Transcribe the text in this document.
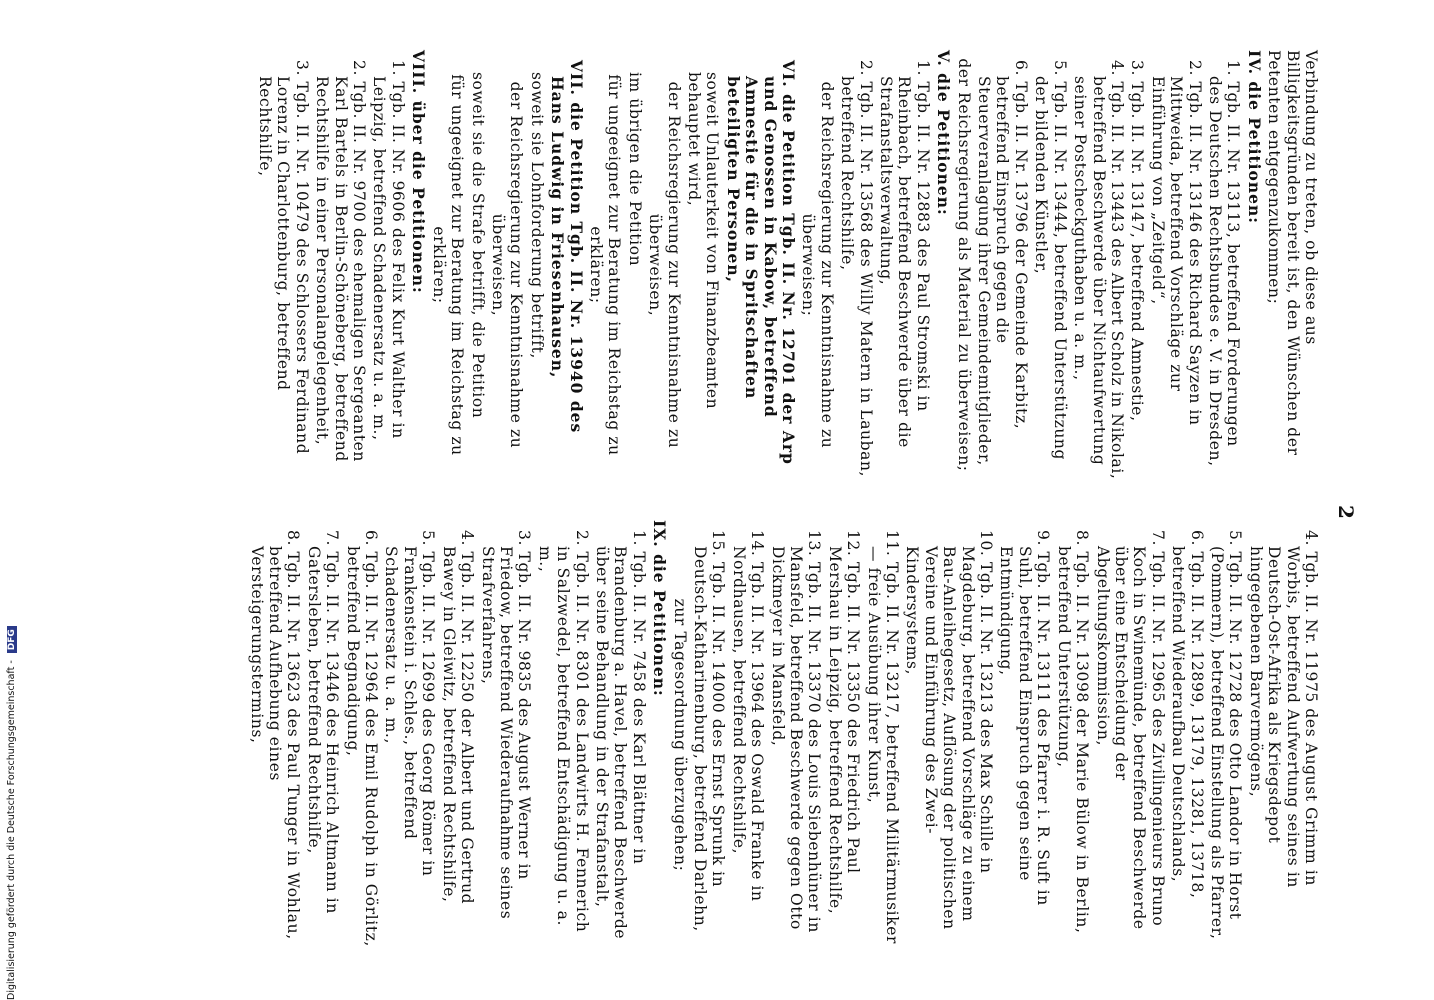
2
Verbindung zu treten, ob diese aus Billigkeitsgründen bereit ist, den Wünschen der Petenten entgegenzukommen;
IV. die Petitionen:
1. Tgb. II. Nr. 13113, betreffend Forderungen des Deutschen Rechtsbundes e. V. in Dresden,
2. Tgb. II. Nr. 13146 des Richard Sayzen in Mittweida, betreffend Vorschläge zur Einführung von „Zeitgeld“,
3. Tgb. II. Nr. 13147, betreffend Amnestie,
4. Tgb. II. Nr. 13443 des Albert Scholz in Nikolai, betreffend Beschwerde über Nichtaufwertung seiner Postscheckguthaben u. a. m.,
5. Tgb. II. Nr. 13444, betreffend Unterstützung der bildenden Künstler,
6. Tgb. II. Nr. 13796 der Gemeinde Karbitz, betreffend Einspruch gegen die Steuerveranlagung ihrer Gemeindemitglieder,
der Reichsregierung als Material zu überweisen;
V. die Petitionen:
1. Tgb. II. Nr. 12883 des Paul Stromski in Rheinbach, betreffend Beschwerde über die Strafanstaltsverwaltung,
2. Tgb. II. Nr. 13568 des Willy Matern in Lauban, betreffend Rechtshilfe,
der Reichsregierung zur Kenntnisnahme zu überweisen;
VI. die Petition Tgb. II. Nr. 12701 der Arp und Genossen in Kabow, betreffend Amnestie für die in Spritschaften beteiligten Personen,
soweit Unlauterkeit von Finanzbeamten behauptet wird,
der Reichsregierung zur Kenntnisnahme zu überweisen,
im übrigen die Petition
für ungeeignet zur Beratung im Reichstag zu erklären;
VII. die Petition Tgb. II. Nr. 13940 des Hans Ludwig in Friesenhausen,
soweit sie Lohnforderung betrifft,
der Reichsregierung zur Kenntnisnahme zu überweisen,
soweit sie die Strafe betrifft, die Petition
für ungeeignet zur Beratung im Reichstag zu erklären;
VIII. über die Petitionen:
1. Tgb. II. Nr. 9606 des Felix Kurt Walther in Leipzig, betreffend Schadenersatz u. a. m.,
2. Tgb. II. Nr. 9700 des ehemaligen Sergeanten Karl Bartels in Berlin-Schöneberg, betreffend Rechtshilfe in einer Personalangelegenheit,
3. Tgb. II. Nr. 10479 des Schlossers Ferdinand Lorenz in Charlottenburg, betreffend Rechtshilfe,
4. Tgb. II. Nr. 11975 des August Grimm in Worbis, betreffend Aufwertung seines in Deutsch-Ost-Afrika als Kriegsdepot hingegebenen Barvermögens,
5. Tgb. II. Nr. 12728 des Otto Landor in Horst (Pommern), betreffend Einstellung als Pfarrer,
6. Tgb. II. Nr. 12899, 13179, 13281, 13718, betreffend Wiederaufbau Deutschlands,
7. Tgb. II. Nr. 12965 des Zivilingenieurs Bruno Koch in Swinemünde, betreffend Beschwerde über eine Entscheidung der Abgeltungskommission,
8. Tgb. II. Nr. 13098 der Marie Bülow in Berlin, betreffend Unterstützung,
9. Tgb. II. Nr. 13111 des Pfarrer i. R. Suft in Suhl, betreffend Einspruch gegen seine Entmündigung,
10. Tgb. II. Nr. 13213 des Max Schille in Magdeburg, betreffend Vorschläge zu einem Bau-Anleihegesetz, Auflösung der politischen Vereine und Einführung des Zwei-Kindersystems,
11. Tgb. II. Nr. 13217, betreffend Militärmusiker — freie Ausübung ihrer Kunst,
12. Tgb. II. Nr. 13350 des Friedrich Paul Mershau in Leipzig, betreffend Rechtshilfe,
13. Tgb. II. Nr. 13370 des Louis Siebenhüner in Mansfeld, betreffend Beschwerde gegen Otto Dickmeyer in Mansfeld,
14. Tgb. II. Nr. 13964 des Oswald Franke in Nordhausen, betreffend Rechtshilfe,
15. Tgb. II. Nr. 14000 des Ernst Sprunk in Deutsch-Katharinenburg, betreffend Darlehn,
zur Tagesordnung überzugehen;
IX. die Petitionen:
1. Tgb. II. Nr. 7458 des Karl Blättner in Brandenburg a. Havel, betreffend Beschwerde über seine Behandlung in der Strafanstalt,
2. Tgb. II. Nr. 8301 des Landwirts H. Fennerich in Salzwedel, betreffend Entschädigung u. a. m.,
3. Tgb. II. Nr. 9835 des August Werner in Friedow, betreffend Wiederaufnahme seines Strafverfahrens,
4. Tgb. II. Nr. 12250 der Albert und Gertrud Bawey in Gleiwitz, betreffend Rechtshilfe,
5. Tgb. II. Nr. 12699 des Georg Römer in Frankenstein i. Schles., betreffend Schadenersatz u. a. m.,
6. Tgb. II. Nr. 12964 des Emil Rudolph in Görlitz, betreffend Begnadigung,
7. Tgb. II. Nr. 13446 des Heinrich Altmann in Gatersleben, betreffend Rechtshilfe,
8. Tgb. II. Nr. 13623 des Paul Tunger in Wohlau, betreffend Aufhebung eines Versteigerungstermins,
Digitalisierung gefördert durch die Deutsche Forschungsgemeinschaft - DFG
